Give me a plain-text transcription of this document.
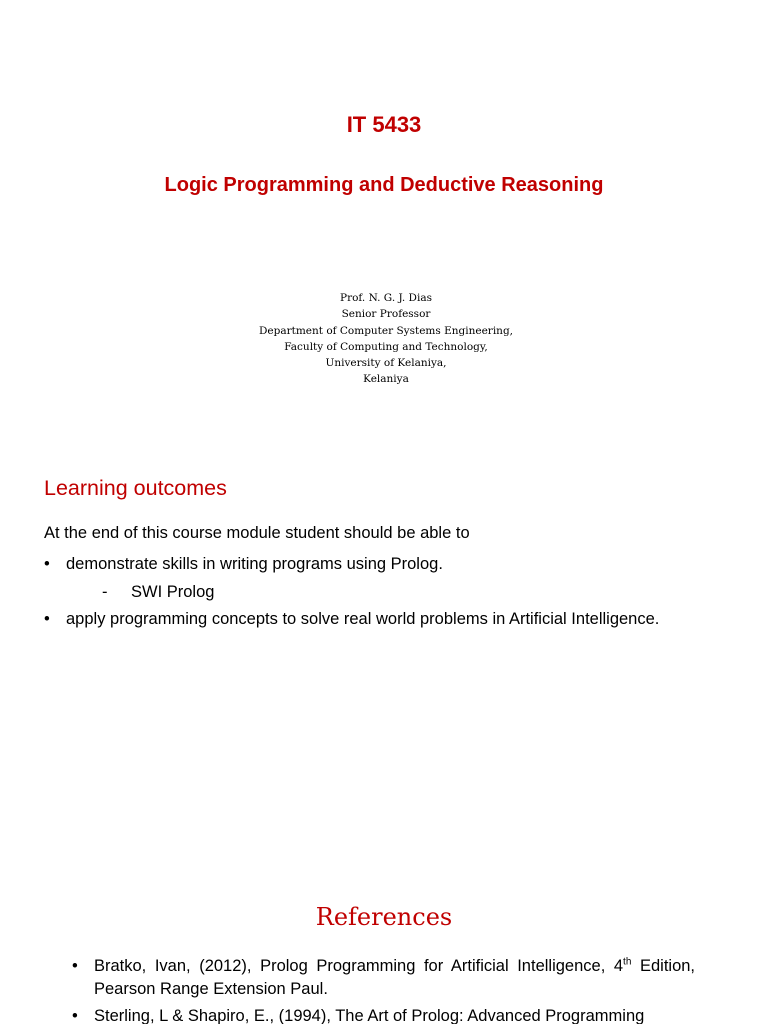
IT 5433
Logic Programming and Deductive Reasoning
Prof. N. G. J. Dias
Senior Professor
Department of Computer Systems Engineering,
Faculty of Computing and Technology,
University of Kelaniya,
Kelaniya
Learning outcomes
At the end of this course module student should be able to
• demonstrate skills in writing programs using Prolog.
- SWI Prolog
• apply programming concepts to solve real world problems in Artificial Intelligence.
References
• Bratko, Ivan, (2012), Prolog Programming for Artificial Intelligence, 4th Edition, Pearson Range Extension Paul.
• Sterling, L & Shapiro, E., (1994), The Art of Prolog: Advanced Programming
